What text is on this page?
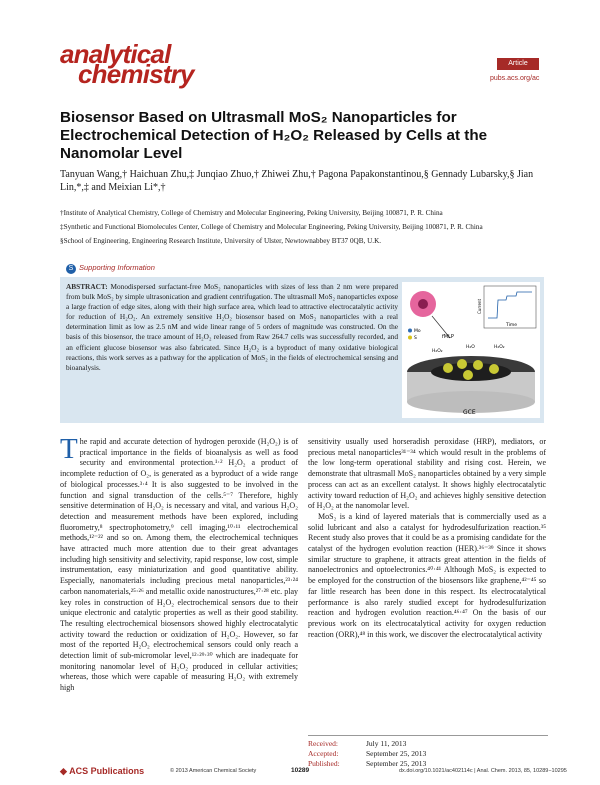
analytical
chemistry	Article
pubs.acs.org/ac
Biosensor Based on Ultrasmall MoS₂ Nanoparticles for Electrochemical Detection of H₂O₂ Released by Cells at the Nanomolar Level
Tanyuan Wang,† Haichuan Zhu,‡ Junqiao Zhuo,† Zhiwei Zhu,† Pagona Papakonstantinou,§ Gennady Lubarsky,§ Jian Lin,*,‡ and Meixian Li*,†

†Institute of Analytical Chemistry, College of Chemistry and Molecular Engineering, Peking University, Beijing 100871, P. R. China

‡Synthetic and Functional Biomolecules Center, College of Chemistry and Molecular Engineering, Peking University, Beijing 100871, P. R. China

§School of Engineering, Engineering Research Institute, University of Ulster, Newtownabbey BT37 0QB, U.K.

S Supporting Information
ABSTRACT: Monodispersed surfactant-free MoS₂ nanoparticles with sizes of less than 2 nm were prepared from bulk MoS₂ by simple ultrasonication and gradient centrifugation. The ultrasmall MoS₂ nanoparticles expose a large fraction of edge sites, along with their high surface area, which lead to attractive electrocatalytic activity for reduction of H₂O₂. An extremely sensitive H₂O₂ biosensor based on MoS₂ nanoparticles with a real determination limit as low as 2.5 nM and wide linear range of 5 orders of magnitude was constructed. On the basis of this biosensor, the trace amount of H₂O₂ released from Raw 264.7 cells was successfully recorded, and an efficient glucose biosensor was also fabricated. Since H₂O₂ is a byproduct of many oxidative biological reactions, this work serves as a pathway for the application of MoS₂ in the fields of electrochemical sensing and bioanalysis.
Time
Current
fMLP
Mo
S
H₂O₂
H₂O	H₂O₂
GCE

The rapid and accurate detection of hydrogen peroxide (H₂O₂) is of practical importance in the fields of bioanalysis as well as food security and environmental protection.¹·² H₂O₂ a product of incomplete reduction of O₂, is generated as a byproduct of a wide range of biological processes.³·⁴ It is also suggested to be involved in the function and signal transduction of the cells.⁵⁻⁷ Therefore, highly sensitive determination of H₂O₂ is necessary and vital, and various H₂O₂ detection and measurement methods have been explored, including fluorometry,⁸ spectrophotometry,⁹ cell imaging,¹⁰·¹¹ electrochemical methods,¹²⁻²² and so on. Among them, the electrochemical techniques have attracted much more attention due to their great advantages including high sensitivity and selectivity, rapid response, low cost, simple instrumentation, easy miniaturization and good quantitative ability. Especially, nanomaterials including precious metal nanoparticles,²³·²⁴ carbon nanomaterials,²⁵·²⁶ and metallic oxide nanostructures,²⁷·²⁸ etc. play key roles in construction of H₂O₂ electrochemical sensors due to their unique electronic and catalytic properties as well as their good stability. The resulting electrochemical biosensors showed highly electrocatalytic activity toward the reduction or oxidization of H₂O₂. However, so far most of the reported H₂O₂ electrochemical sensors could only reach a detection limit of sub-micromolar level,¹²·²⁹·³⁰ which are inadequate for monitoring nanomolar level of H₂O₂ produced in cellular activities; whereas, those which were capable of measuring H₂O₂ with extremely high

sensitivity usually used horseradish peroxidase (HRP), mediators, or precious metal nanoparticles³¹⁻³⁴ which would result in the problems of the low long-term operational stability and rising cost. Herein, we demonstrate that ultrasmall MoS₂ nanoparticles obtained by a very simple process can act as an excellent catalyst. It shows highly electrocatalytic activity toward reduction of H₂O₂ and achieves highly sensitive detection of H₂O₂ at the nanomolar level.

MoS₂ is a kind of layered materials that is commercially used as a solid lubricant and also a catalyst for hydrodesulfurization reaction.³⁵ Recent study also proves that it could be as a promising candidate for the catalyst of the hydrogen evolution reaction (HER).³⁶⁻³⁹ Since it shows similar structure to graphene, it attracts great attention in the fields of nanoelectronics and optoelectronics.⁴⁰·⁴¹ Although MoS₂ is expected to be employed for the construction of the biosensors like graphene,⁴²⁻⁴⁵ so far little research has been done in this respect. Its electrocatalytical performance is also rarely studied except for hydrodesulfurization reaction and hydrogen evolution reaction.⁴⁶·⁴⁷ On the basis of our previous work on its electrocatalytical activity for oxygen reduction reaction (ORR),⁴⁸ in this work, we discover the electrocatalytical activity

Received:	July 11, 2013
Accepted:	September 25, 2013
Published:	September 25, 2013
◆ ACS Publications	© 2013 American Chemical Society	10289	dx.doi.org/10.1021/ac402114c | Anal. Chem. 2013, 85, 10289−10295
